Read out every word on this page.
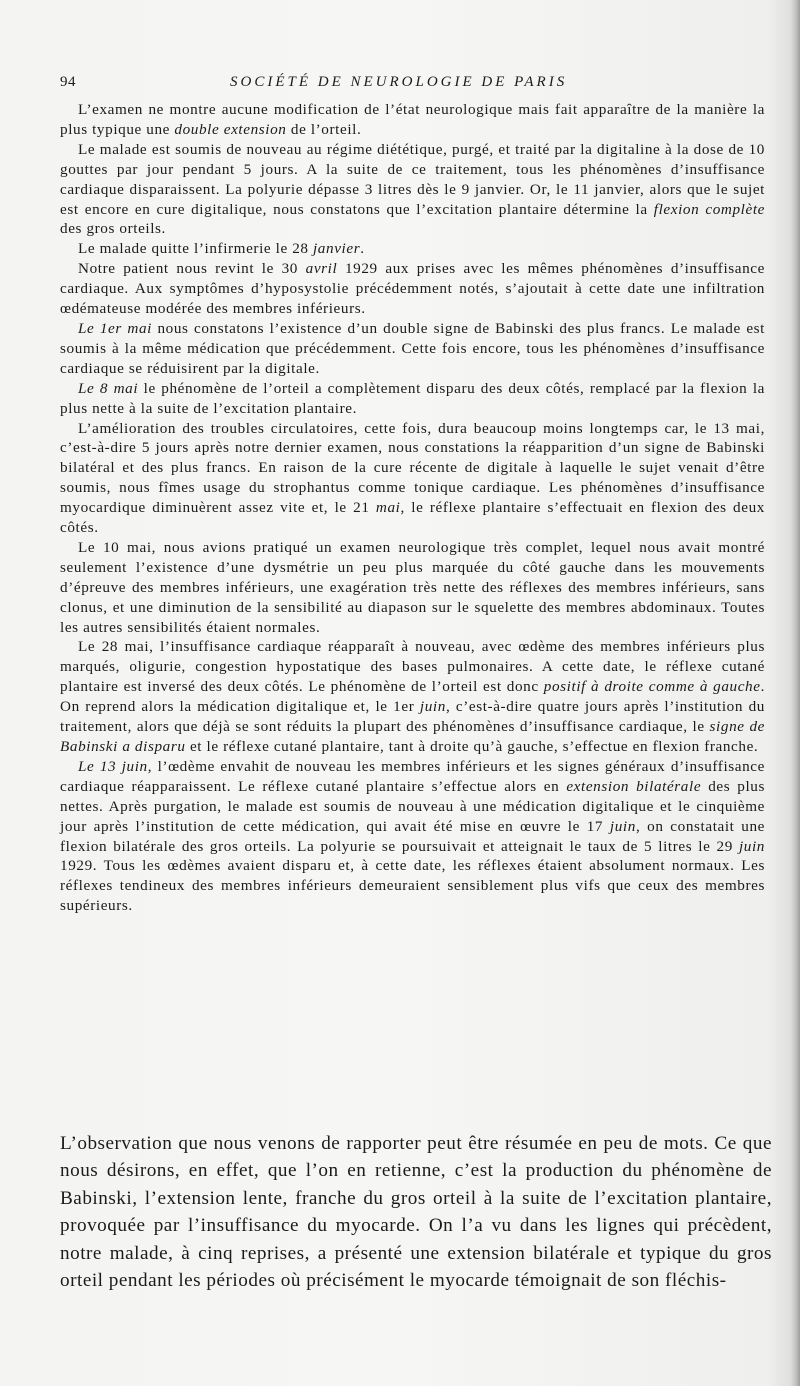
94	SOCIÉTÉ DE NEUROLOGIE DE PARIS

L’examen ne montre aucune modification de l’état neurologique mais fait apparaître de la manière la plus typique une double extension de l’orteil.

Le malade est soumis de nouveau au régime diététique, purgé, et traité par la digitaline à la dose de 10 gouttes par jour pendant 5 jours. A la suite de ce traitement, tous les phénomènes d’insuffisance cardiaque disparaissent. La polyurie dépasse 3 litres dès le 9 janvier. Or, le 11 janvier, alors que le sujet est encore en cure digitalique, nous constatons que l’excitation plantaire détermine la flexion complète des gros orteils.

Le malade quitte l’infirmerie le 28 janvier.

Notre patient nous revint le 30 avril 1929 aux prises avec les mêmes phénomènes d’insuffisance cardiaque. Aux symptômes d’hyposystolie précédemment notés, s’ajoutait à cette date une infiltration œdémateuse modérée des membres inférieurs.

Le 1er mai nous constatons l’existence d’un double signe de Babinski des plus francs. Le malade est soumis à la même médication que précédemment. Cette fois encore, tous les phénomènes d’insuffisance cardiaque se réduisirent par la digitale.

Le 8 mai le phénomène de l’orteil a complètement disparu des deux côtés, remplacé par la flexion la plus nette à la suite de l’excitation plantaire.

L’amélioration des troubles circulatoires, cette fois, dura beaucoup moins longtemps car, le 13 mai, c’est-à-dire 5 jours après notre dernier examen, nous constations la réapparition d’un signe de Babinski bilatéral et des plus francs. En raison de la cure récente de digitale à laquelle le sujet venait d’être soumis, nous fîmes usage du strophantus comme tonique cardiaque. Les phénomènes d’insuffisance myocardique diminuèrent assez vite et, le 21 mai, le réflexe plantaire s’effectuait en flexion des deux côtés.

Le 10 mai, nous avions pratiqué un examen neurologique très complet, lequel nous avait montré seulement l’existence d’une dysmétrie un peu plus marquée du côté gauche dans les mouvements d’épreuve des membres inférieurs, une exagération très nette des réflexes des membres inférieurs, sans clonus, et une diminution de la sensibilité au diapason sur le squelette des membres abdominaux. Toutes les autres sensibilités étaient normales.

Le 28 mai, l’insuffisance cardiaque réapparaît à nouveau, avec œdème des membres inférieurs plus marqués, oligurie, congestion hypostatique des bases pulmonaires. A cette date, le réflexe cutané plantaire est inversé des deux côtés. Le phénomène de l’orteil est donc positif à droite comme à gauche. On reprend alors la médication digitalique et, le 1er juin, c’est-à-dire quatre jours après l’institution du traitement, alors que déjà se sont réduits la plupart des phénomènes d’insuffisance cardiaque, le signe de Babinski a disparu et le réflexe cutané plantaire, tant à droite qu’à gauche, s’effectue en flexion franche.

Le 13 juin, l’œdème envahit de nouveau les membres inférieurs et les signes généraux d’insuffisance cardiaque réapparaissent. Le réflexe cutané plantaire s’effectue alors en extension bilatérale des plus nettes. Après purgation, le malade est soumis de nouveau à une médication digitalique et le cinquième jour après l’institution de cette médication, qui avait été mise en œuvre le 17 juin, on constatait une flexion bilatérale des gros orteils. La polyurie se poursuivait et atteignait le taux de 5 litres le 29 juin 1929. Tous les œdèmes avaient disparu et, à cette date, les réflexes étaient absolument normaux. Les réflexes tendineux des membres inférieurs demeuraient sensiblement plus vifs que ceux des membres supérieurs.

L’observation que nous venons de rapporter peut être résumée en peu de mots. Ce que nous désirons, en effet, que l’on en retienne, c’est la production du phénomène de Babinski, l’extension lente, franche du gros orteil à la suite de l’excitation plantaire, provoquée par l’insuffisance du myocarde. On l’a vu dans les lignes qui précèdent, notre malade, à cinq reprises, a présenté une extension bilatérale et typique du gros orteil pendant les périodes où précisément le myocarde témoignait de son fléchis-
